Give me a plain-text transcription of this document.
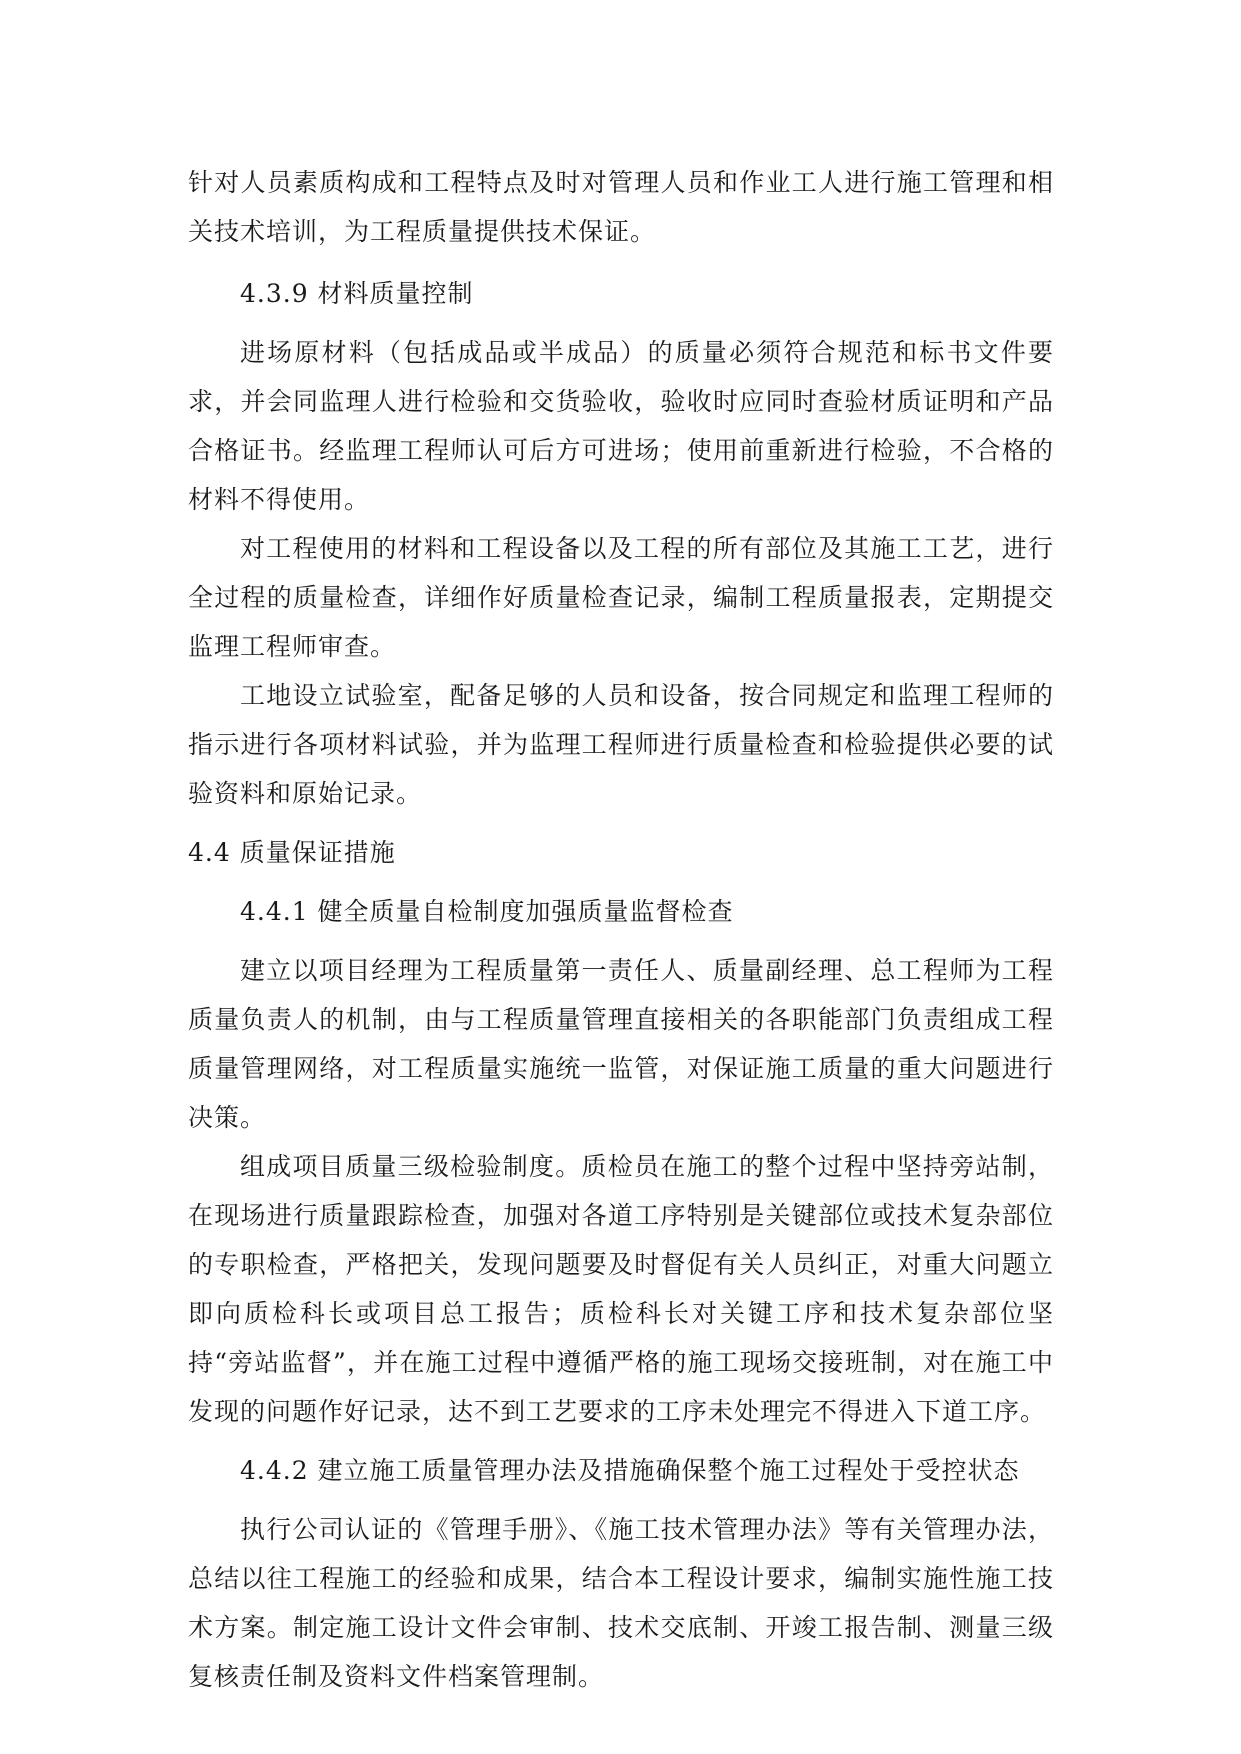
针对人员素质构成和工程特点及时对管理人员和作业工人进行施工管理和相关技术培训，为工程质量提供技术保证。

4.3.9 材料质量控制

进场原材料（包括成品或半成品）的质量必须符合规范和标书文件要求，并会同监理人进行检验和交货验收，验收时应同时查验材质证明和产品合格证书。经监理工程师认可后方可进场；使用前重新进行检验，不合格的材料不得使用。

对工程使用的材料和工程设备以及工程的所有部位及其施工工艺，进行全过程的质量检查，详细作好质量检查记录，编制工程质量报表，定期提交监理工程师审查。

工地设立试验室，配备足够的人员和设备，按合同规定和监理工程师的指示进行各项材料试验，并为监理工程师进行质量检查和检验提供必要的试验资料和原始记录。

4.4 质量保证措施

4.4.1 健全质量自检制度加强质量监督检查

建立以项目经理为工程质量第一责任人、质量副经理、总工程师为工程质量负责人的机制，由与工程质量管理直接相关的各职能部门负责组成工程质量管理网络，对工程质量实施统一监管，对保证施工质量的重大问题进行决策。

组成项目质量三级检验制度。质检员在施工的整个过程中坚持旁站制，在现场进行质量跟踪检查，加强对各道工序特别是关键部位或技术复杂部位的专职检查，严格把关，发现问题要及时督促有关人员纠正，对重大问题立即向质检科长或项目总工报告；质检科长对关键工序和技术复杂部位坚持“旁站监督”，并在施工过程中遵循严格的施工现场交接班制，对在施工中发现的问题作好记录，达不到工艺要求的工序未处理完不得进入下道工序。

4.4.2 建立施工质量管理办法及措施确保整个施工过程处于受控状态

执行公司认证的《管理手册》、《施工技术管理办法》等有关管理办法，总结以往工程施工的经验和成果，结合本工程设计要求，编制实施性施工技术方案。制定施工设计文件会审制、技术交底制、开竣工报告制、测量三级复核责任制及资料文件档案管理制。
